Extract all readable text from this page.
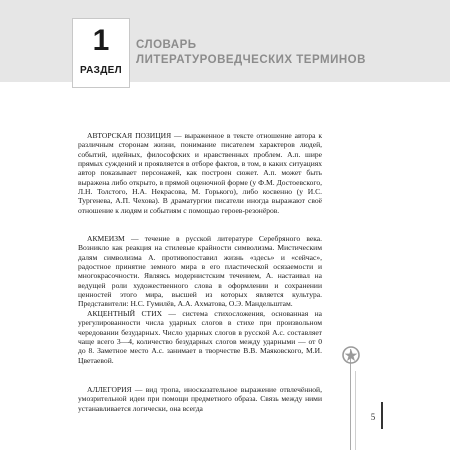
1
РАЗДЕЛ
СЛОВАРЬ
ЛИТЕРАТУРОВЕДЧЕСКИХ ТЕРМИНОВ

АВТОРСКАЯ ПОЗИЦИЯ — выраженное в тексте отношение автора к различным сторонам жизни, понимание писателем характеров людей, событий, идейных, философских и нравственных проблем. А.п. шире прямых суждений и проявляется в отборе фактов, в том, в каких ситуациях автор показывает персонажей, как построен сюжет. А.п. может быть выражена либо открыто, в прямой оценочной форме (у Ф.М. Достоевского, Л.Н. Толстого, Н.А. Некрасова, М. Горького), либо косвенно (у И.С. Тургенева, А.П. Чехова). В драматургии писатели иногда выражают своё отношение к людям и событиям с помощью героев-резонёров.

АКМЕИЗМ — течение в русской литературе Серебряного века. Возникло как реакция на стилевые крайности символизма. Мистическим далям символизма А. противопоставил жизнь «здесь» и «сейчас», радостное принятие земного мира в его пластической осязаемости и многокрасочности. Являясь модернистским течением, А. настаивал на ведущей роли художественного слова в оформлении и сохранении ценностей этого мира, высшей из которых является культура. Представители: Н.С. Гумилёв, А.А. Ахматова, О.Э. Мандельштам.

АКЦЕНТНЫЙ СТИХ — система стихосложения, основанная на урегулированности числа ударных слогов в стихе при произвольном чередовании безударных. Число ударных слогов в русской А.с. составляет чаще всего 3—4, количество безударных слогов между ударными — от 0 до 8. Заметное место А.с. занимает в творчестве В.В. Маяковского, М.И. Цветаевой.

АЛЛЕГОРИЯ — вид тропа, иносказательное выражение отвлечённой, умозрительной идеи при помощи предметного образа. Связь между ними устанавливается логически, она всегда

5
